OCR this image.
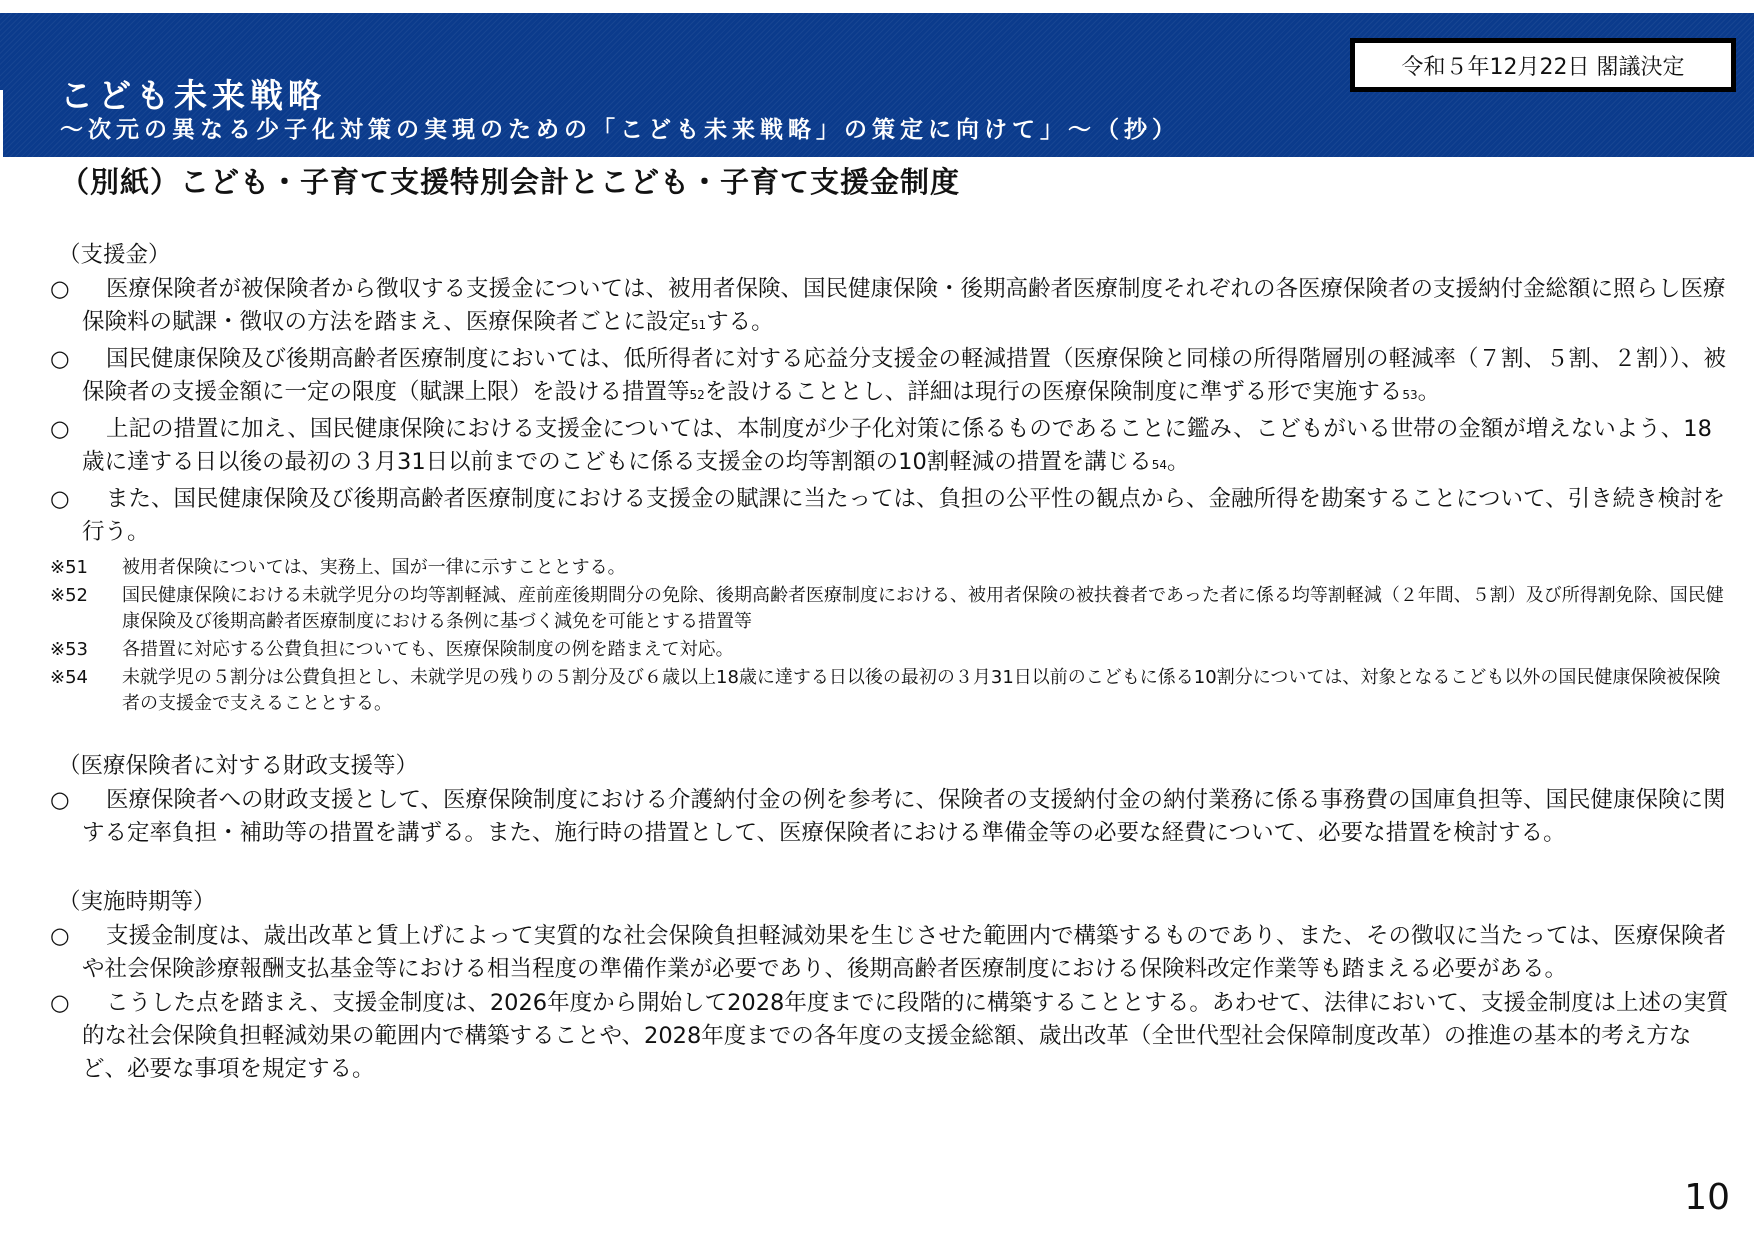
こども未来戦略
～次元の異なる少子化対策の実現のための「こども未来戦略」の策定に向けて」～（抄）
令和５年12月22日 閣議決定
（別紙）こども・子育て支援特別会計とこども・子育て支援金制度
（支援金）
○	医療保険者が被保険者から徴収する支援金については、被用者保険、国民健康保険・後期高齢者医療制度それぞれの各医療保険者の支援納付金総額に照らし医療保険料の賦課・徴収の方法を踏まえ、医療保険者ごとに設定51する。
○	国民健康保険及び後期高齢者医療制度においては、低所得者に対する応益分支援金の軽減措置（医療保険と同様の所得階層別の軽減率（７割、５割、２割））、被保険者の支援金額に一定の限度（賦課上限）を設ける措置等52を設けることとし、詳細は現行の医療保険制度に準ずる形で実施する53。
○	上記の措置に加え、国民健康保険における支援金については、本制度が少子化対策に係るものであることに鑑み、こどもがいる世帯の金額が増えないよう、18歳に達する日以後の最初の３月31日以前までのこどもに係る支援金の均等割額の10割軽減の措置を講じる54。
○	また、国民健康保険及び後期高齢者医療制度における支援金の賦課に当たっては、負担の公平性の観点から、金融所得を勘案することについて、引き続き検討を行う。
※51 被用者保険については、実務上、国が一律に示すこととする。
※52 国民健康保険における未就学児分の均等割軽減、産前産後期間分の免除、後期高齢者医療制度における、被用者保険の被扶養者であった者に係る均等割軽減（２年間、５割）及び所得割免除、国民健康保険及び後期高齢者医療制度における条例に基づく減免を可能とする措置等
※53 各措置に対応する公費負担についても、医療保険制度の例を踏まえて対応。
※54 未就学児の５割分は公費負担とし、未就学児の残りの５割分及び６歳以上18歳に達する日以後の最初の３月31日以前のこどもに係る10割分については、対象となるこども以外の国民健康保険被保険者の支援金で支えることとする。
（医療保険者に対する財政支援等）
○	医療保険者への財政支援として、医療保険制度における介護納付金の例を参考に、保険者の支援納付金の納付業務に係る事務費の国庫負担等、国民健康保険に関する定率負担・補助等の措置を講ずる。また、施行時の措置として、医療保険者における準備金等の必要な経費について、必要な措置を検討する。
（実施時期等）
○	支援金制度は、歳出改革と賃上げによって実質的な社会保険負担軽減効果を生じさせた範囲内で構築するものであり、また、その徴収に当たっては、医療保険者や社会保険診療報酬支払基金等における相当程度の準備作業が必要であり、後期高齢者医療制度における保険料改定作業等も踏まえる必要がある。
○	こうした点を踏まえ、支援金制度は、2026年度から開始して2028年度までに段階的に構築することとする。あわせて、法律において、支援金制度は上述の実質的な社会保険負担軽減効果の範囲内で構築することや、2028年度までの各年度の支援金総額、歳出改革（全世代型社会保障制度改革）の推進の基本的考え方など、必要な事項を規定する。
10
